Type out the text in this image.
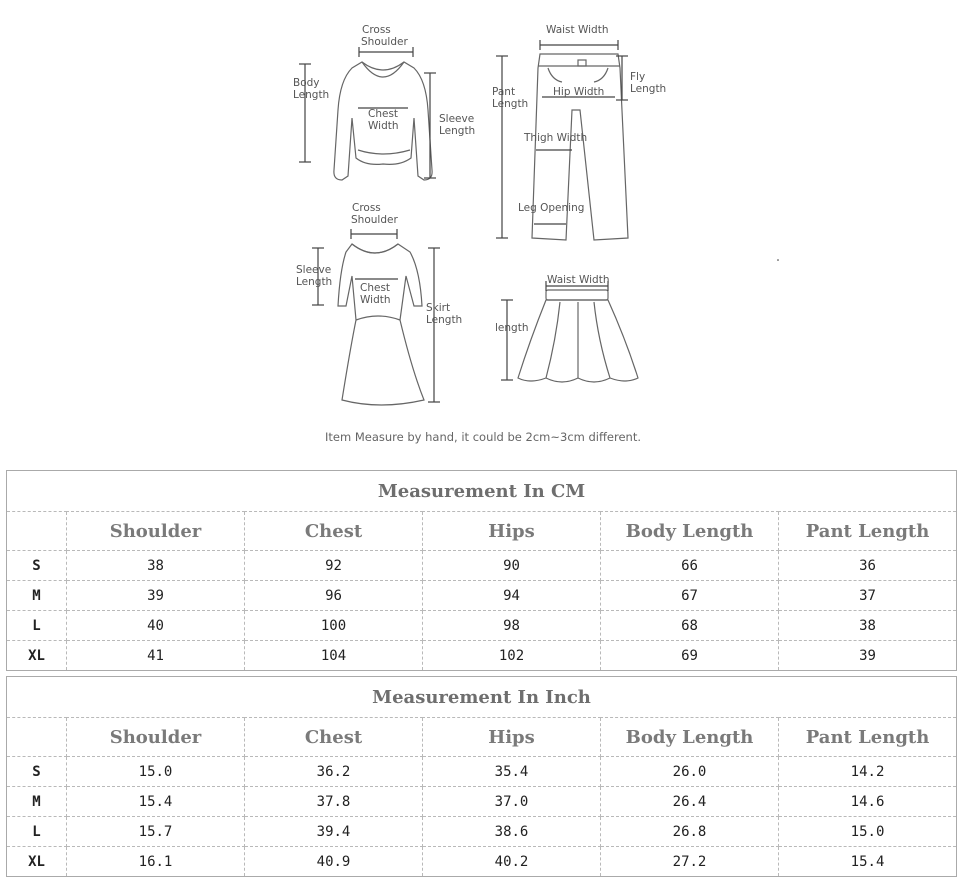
Cross
Shoulder
Body
Length
Chest
Width
Sleeve
Length
Waist Width
Pant
Length
Hip Width
Fly
Length
Thigh Width
Leg Opening
Cross
Shoulder
Sleeve
Length	Chest
Width
Skirt
Length
Waist Width
length
Item Measure by hand, it could be 2cm~3cm different.
Measurement In CM					
	Shoulder	Chest	Hips	Body Length	Pant Length
S	38	92	90	66	36
M	39	96	94	67	37
L	40	100	98	68	38
XL	41	104	102	69	39
Measurement In Inch					
	Shoulder	Chest	Hips	Body Length	Pant Length
S	15.0	36.2	35.4	26.0	14.2
M	15.4	37.8	37.0	26.4	14.6
L	15.7	39.4	38.6	26.8	15.0
XL	16.1	40.9	40.2	27.2	15.4
